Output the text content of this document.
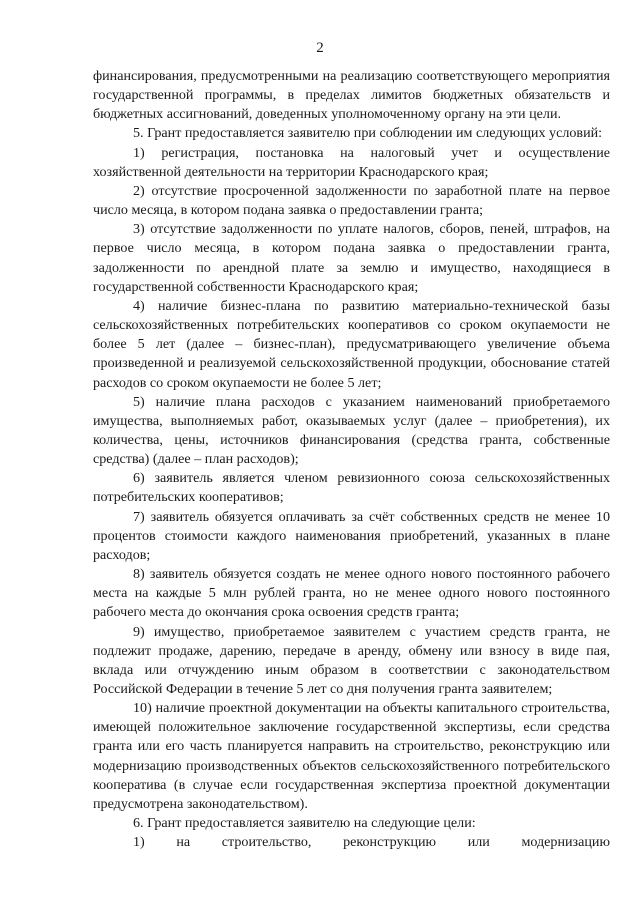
2

финансирования, предусмотренными на реализацию соответствующего мероприятия государственной программы, в пределах лимитов бюджетных обязательств и бюджетных ассигнований, доведенных уполномоченному органу на эти цели.

5. Грант предоставляется заявителю при соблюдении им следующих условий:

1) регистрация, постановка на налоговый учет и осуществление хозяйственной деятельности на территории Краснодарского края;

2) отсутствие просроченной задолженности по заработной плате на первое число месяца, в котором подана заявка о предоставлении гранта;

3) отсутствие задолженности по уплате налогов, сборов, пеней, штрафов, на первое число месяца, в котором подана заявка о предоставлении гранта, задолженности по арендной плате за землю и имущество, находящиеся в государственной собственности Краснодарского края;

4) наличие бизнес-плана по развитию материально-технической базы сельскохозяйственных потребительских кооперативов со сроком окупаемости не более 5 лет (далее – бизнес-план), предусматривающего увеличение объема произведенной и реализуемой сельскохозяйственной продукции, обоснование статей расходов со сроком окупаемости не более 5 лет;

5) наличие плана расходов с указанием наименований приобретаемого имущества, выполняемых работ, оказываемых услуг (далее – приобретения), их количества, цены, источников финансирования (средства гранта, собственные средства) (далее – план расходов);

6) заявитель является членом ревизионного союза сельскохозяйственных потребительских кооперативов;

7) заявитель обязуется оплачивать за счёт собственных средств не менее 10 процентов стоимости каждого наименования приобретений, указанных в плане расходов;

8) заявитель обязуется создать не менее одного нового постоянного рабочего места на каждые 5 млн рублей гранта, но не менее одного нового постоянного рабочего места до окончания срока освоения средств гранта;

9) имущество, приобретаемое заявителем с участием средств гранта, не подлежит продаже, дарению, передаче в аренду, обмену или взносу в виде пая, вклада или отчуждению иным образом в соответствии с законодательством Российской Федерации в течение 5 лет со дня получения гранта заявителем;

10) наличие проектной документации на объекты капитального строительства, имеющей положительное заключение государственной экспертизы, если средства гранта или его часть планируется направить на строительство, реконструкцию или модернизацию производственных объектов сельскохозяйственного потребительского кооператива (в случае если государственная экспертиза проектной документации предусмотрена законодательством).

6. Грант предоставляется заявителю на следующие цели:

1) на строительство, реконструкцию или модернизацию
